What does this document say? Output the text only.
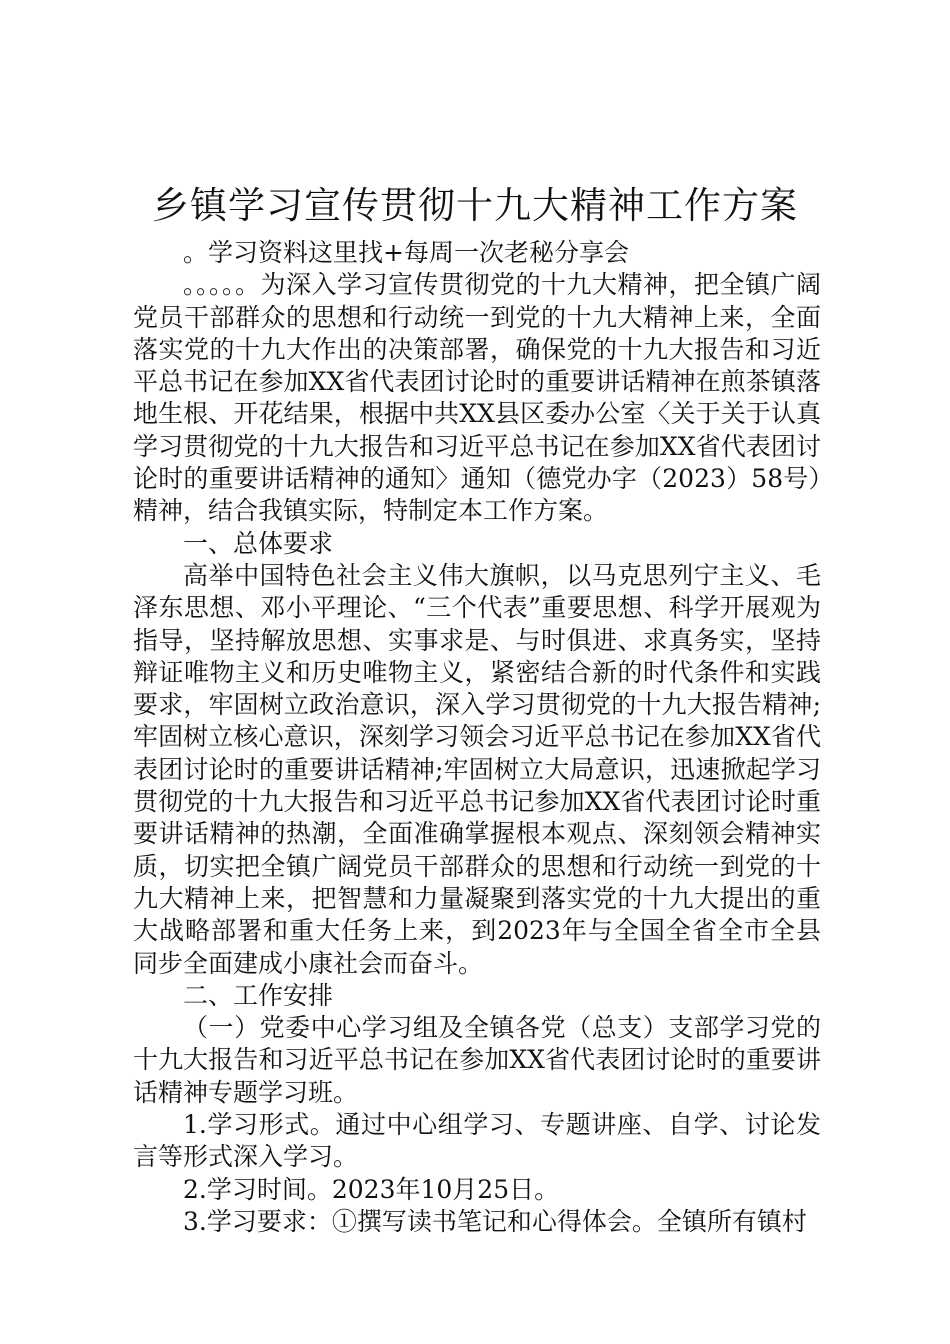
乡镇学习宣传贯彻十九大精神工作方案

。学习资料这里找+每周一次老秘分享会

。。。。。为深入学习宣传贯彻党的十九大精神，把全镇广阔党员干部群众的思想和行动统一到党的十九大精神上来，全面落实党的十九大作出的决策部署，确保党的十九大报告和习近平总书记在参加XX省代表团讨论时的重要讲话精神在煎茶镇落地生根、开花结果，根据中共XX县区委办公室〈关于关于认真学习贯彻党的十九大报告和习近平总书记在参加XX省代表团讨论时的重要讲话精神的通知〉通知（德党办字（2023）58号）精神，结合我镇实际，特制定本工作方案。

一、总体要求

高举中国特色社会主义伟大旗帜，以马克思列宁主义、毛泽东思想、邓小平理论、“三个代表”重要思想、科学开展观为指导，坚持解放思想、实事求是、与时俱进、求真务实，坚持辩证唯物主义和历史唯物主义，紧密结合新的时代条件和实践要求，牢固树立政治意识，深入学习贯彻党的十九大报告精神;牢固树立核心意识，深刻学习领会习近平总书记在参加XX省代表团讨论时的重要讲话精神;牢固树立大局意识，迅速掀起学习贯彻党的十九大报告和习近平总书记参加XX省代表团讨论时重要讲话精神的热潮，全面准确掌握根本观点、深刻领会精神实质，切实把全镇广阔党员干部群众的思想和行动统一到党的十九大精神上来，把智慧和力量凝聚到落实党的十九大提出的重大战略部署和重大任务上来，到2023年与全国全省全市全县同步全面建成小康社会而奋斗。

二、工作安排

（一）党委中心学习组及全镇各党（总支）支部学习党的十九大报告和习近平总书记在参加XX省代表团讨论时的重要讲话精神专题学习班。

1.学习形式。通过中心组学习、专题讲座、自学、讨论发言等形式深入学习。

2.学习时间。2023年10月25日。

3.学习要求：①撰写读书笔记和心得体会。全镇所有镇村
